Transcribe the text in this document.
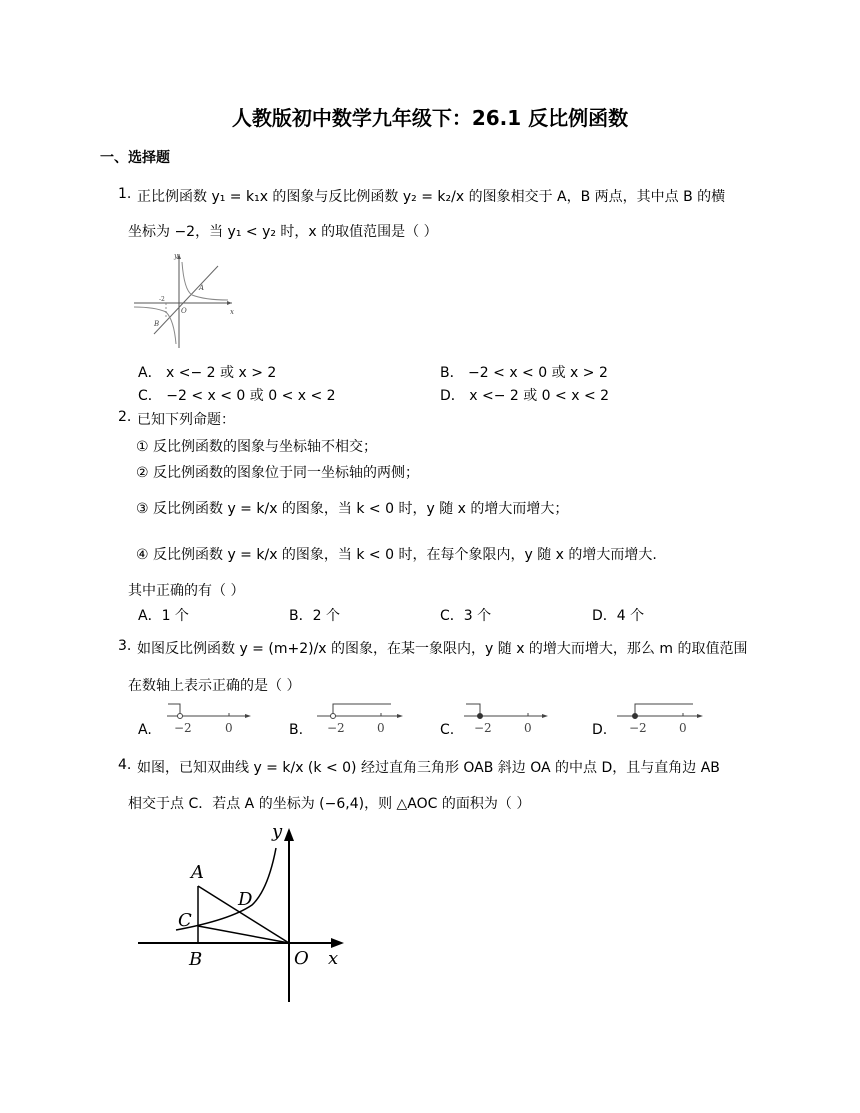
人教版初中数学九年级下：26.1 反比例函数
一、选择题
1. 正比例函数 y₁ = k₁x 的图象与反比例函数 y₂ = k₂/x 的图象相交于 A，B 两点，其中点 B 的横
坐标为 −2，当 y₁ < y₂ 时，x 的取值范围是（ ）
y
x
O
A
B
-2
A． x <− 2 或 x > 2	B． −2 < x < 0 或 x > 2
C． −2 < x < 0 或 0 < x < 2	D． x <− 2 或 0 < x < 2
2. 已知下列命题：
① 反比例函数的图象与坐标轴不相交；
② 反比例函数的图象位于同一坐标轴的两侧；
③ 反比例函数 y = k/x 的图象，当 k < 0 时，y 随 x 的增大而增大；
④ 反比例函数 y = k/x 的图象，当 k < 0 时，在每个象限内，y 随 x 的增大而增大.
其中正确的有（ ）
A．1 个	B．2 个	C．3 个	D．4 个
3. 如图反比例函数 y = (m+2)/x 的图象，在某一象限内，y 随 x 的增大而增大，那么 m 的取值范围
在数轴上表示正确的是（ ）
A. −2	0	B. −2	0	C. −2	0	D. −2	0
4. 如图，已知双曲线 y = k/x (k < 0) 经过直角三角形 OAB 斜边 OA 的中点 D，且与直角边 AB
相交于点 C．若点 A 的坐标为 (−6,4)，则 △AOC 的面积为（ ）
y
x
A
B
C
D
O
